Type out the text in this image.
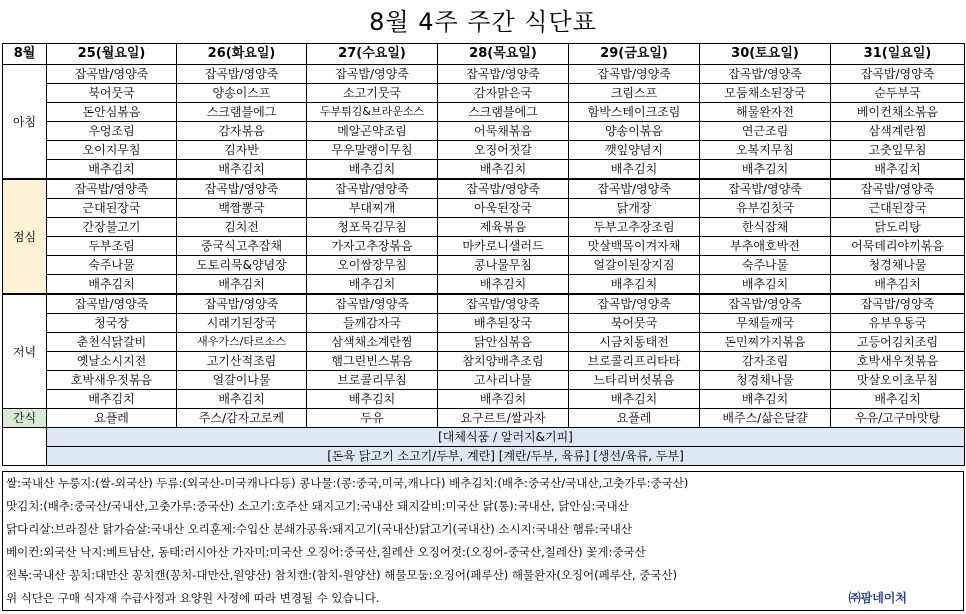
8월 4주 주간 식단표
8월	25(월요일)	26(화요일)	27(수요일)	28(목요일)	29(금요일)	30(토요일)	31(일요일)
아침	잡곡밥/영양죽	잡곡밥/영양죽	잡곡밥/영양죽	잡곡밥/영양죽	잡곡밥/영양죽	잡곡밥/영양죽	잡곡밥/영양죽
	북어뭇국	양송이스프	소고기뭇국	감자맑은국	크림스프	모둠채소된장국	순두부국
	돈안심볶음	스크램블에그	두부튀김&브라운소스	스크램블에그	함박스테이크조림	해물완자전	베이컨채소볶음
	우엉조림	감자볶음	메알곤약조림	어묵채볶음	양송이볶음	연근조림	삼색계란찜
	오이지무침	김자반	무우말랭이무침	오징어젓갈	깻잎양념지	오복지무침	고춧잎무침
	배추김치	배추김치	배추김치	배추김치	배추김치	배추김치	배추김치
점심	잡곡밥/영양죽	잡곡밥/영양죽	잡곡밥/영양죽	잡곡밥/영양죽	잡곡밥/영양죽	잡곡밥/영양죽	잡곡밥/영양죽
	근대된장국	백짬뽕국	부대찌개	아욱된장국	닭개장	유부김칫국	근대된장국
	간장불고기	김치전	청포묵김무침	제육볶음	두부고추장조림	한식잡채	닭도리탕
	두부조림	중국식고추잡채	가자고추장볶음	마카로니샐러드	맛살백목이겨자채	부추애호박전	어묵데리야끼볶음
	숙주나물	도토리묵&양념장	오이쌈장무침	콩나물무침	얼갈이된장지짐	숙주나물	청경채나물
	배추김치	배추김치	배추김치	배추김치	배추김치	배추김치	배추김치
저녁	잡곡밥/영양죽	잡곡밥/영양죽	잡곡밥/영양죽	잡곡밥/영양죽	잡곡밥/영양죽	잡곡밥/영양죽	잡곡밥/영양죽
	청국장	시래기된장국	들깨감자국	배추된장국	북어뭇국	무채들깨국	유부우동국
	춘천식닭갈비	새우가스/타르소스	삼색채소계란찜	닭안심볶음	시금치동태전	돈민찌가지볶음	고등어김치조림
	옛날소시지전	고기산적조림	햄그린빈스볶음	참치양배추조림	브로콜리프리타타	감자조림	호박새우젓볶음
	호박새우젓볶음	얼갈이나물	브로콜리무침	고사리나물	느타리버섯볶음	청경채나물	맛살오이초무침
	배추김치	배추김치	배추김치	배추김치	배추김치	배추김치	배추김치
간식	요플레	주스/감자고로케	두유	요구르트/쌀과자	요플레	배주스/삶은달걀	우유/고구마맛탕
	[대체식품 / 알러지&기피]						
	[돈육 닭고기 소고기/두부, 계란] [계란/두부, 육류] [생선/육류, 두부]						
쌀:국내산 누룽지:(쌀-외국산) 두류:(외국산-미국캐나다등) 콩나물:(콩:중국,미국,캐나다) 배추김치:(배추:중국산/국내산,고춧가루:중국산)
맛김치:(배추:중국산/국내산,고춧가루:중국산) 소고기:호주산 돼지고기:국내산 돼지갈비:미국산 닭(통):국내산, 닭안심:국내산
닭다리살:브라질산 닭가슴살:국내산 오리훈제:수입산 분쇄가공육:돼지고기(국내산)닭고기(국내산) 소시지:국내산 햄류:국내산
베이컨:외국산 낙지:베트남산, 동태:러시아산 가자미:미국산 오징어:중국산,칠레산 오징어젓:(오징어-중국산,칠레산) 꽃게:중국산
전복:국내산 꽁치:대만산 꽁치캔(꽁치-대만산,원양산) 참치캔:(참치-원양산) 해물모둠:오징어(페루산) 해물완자(오징어(페루산, 중국산)
위 식단은 구매 식자재 수급사정과 요양원 사정에 따라 변경될 수 있습니다.	㈜팜네이처
